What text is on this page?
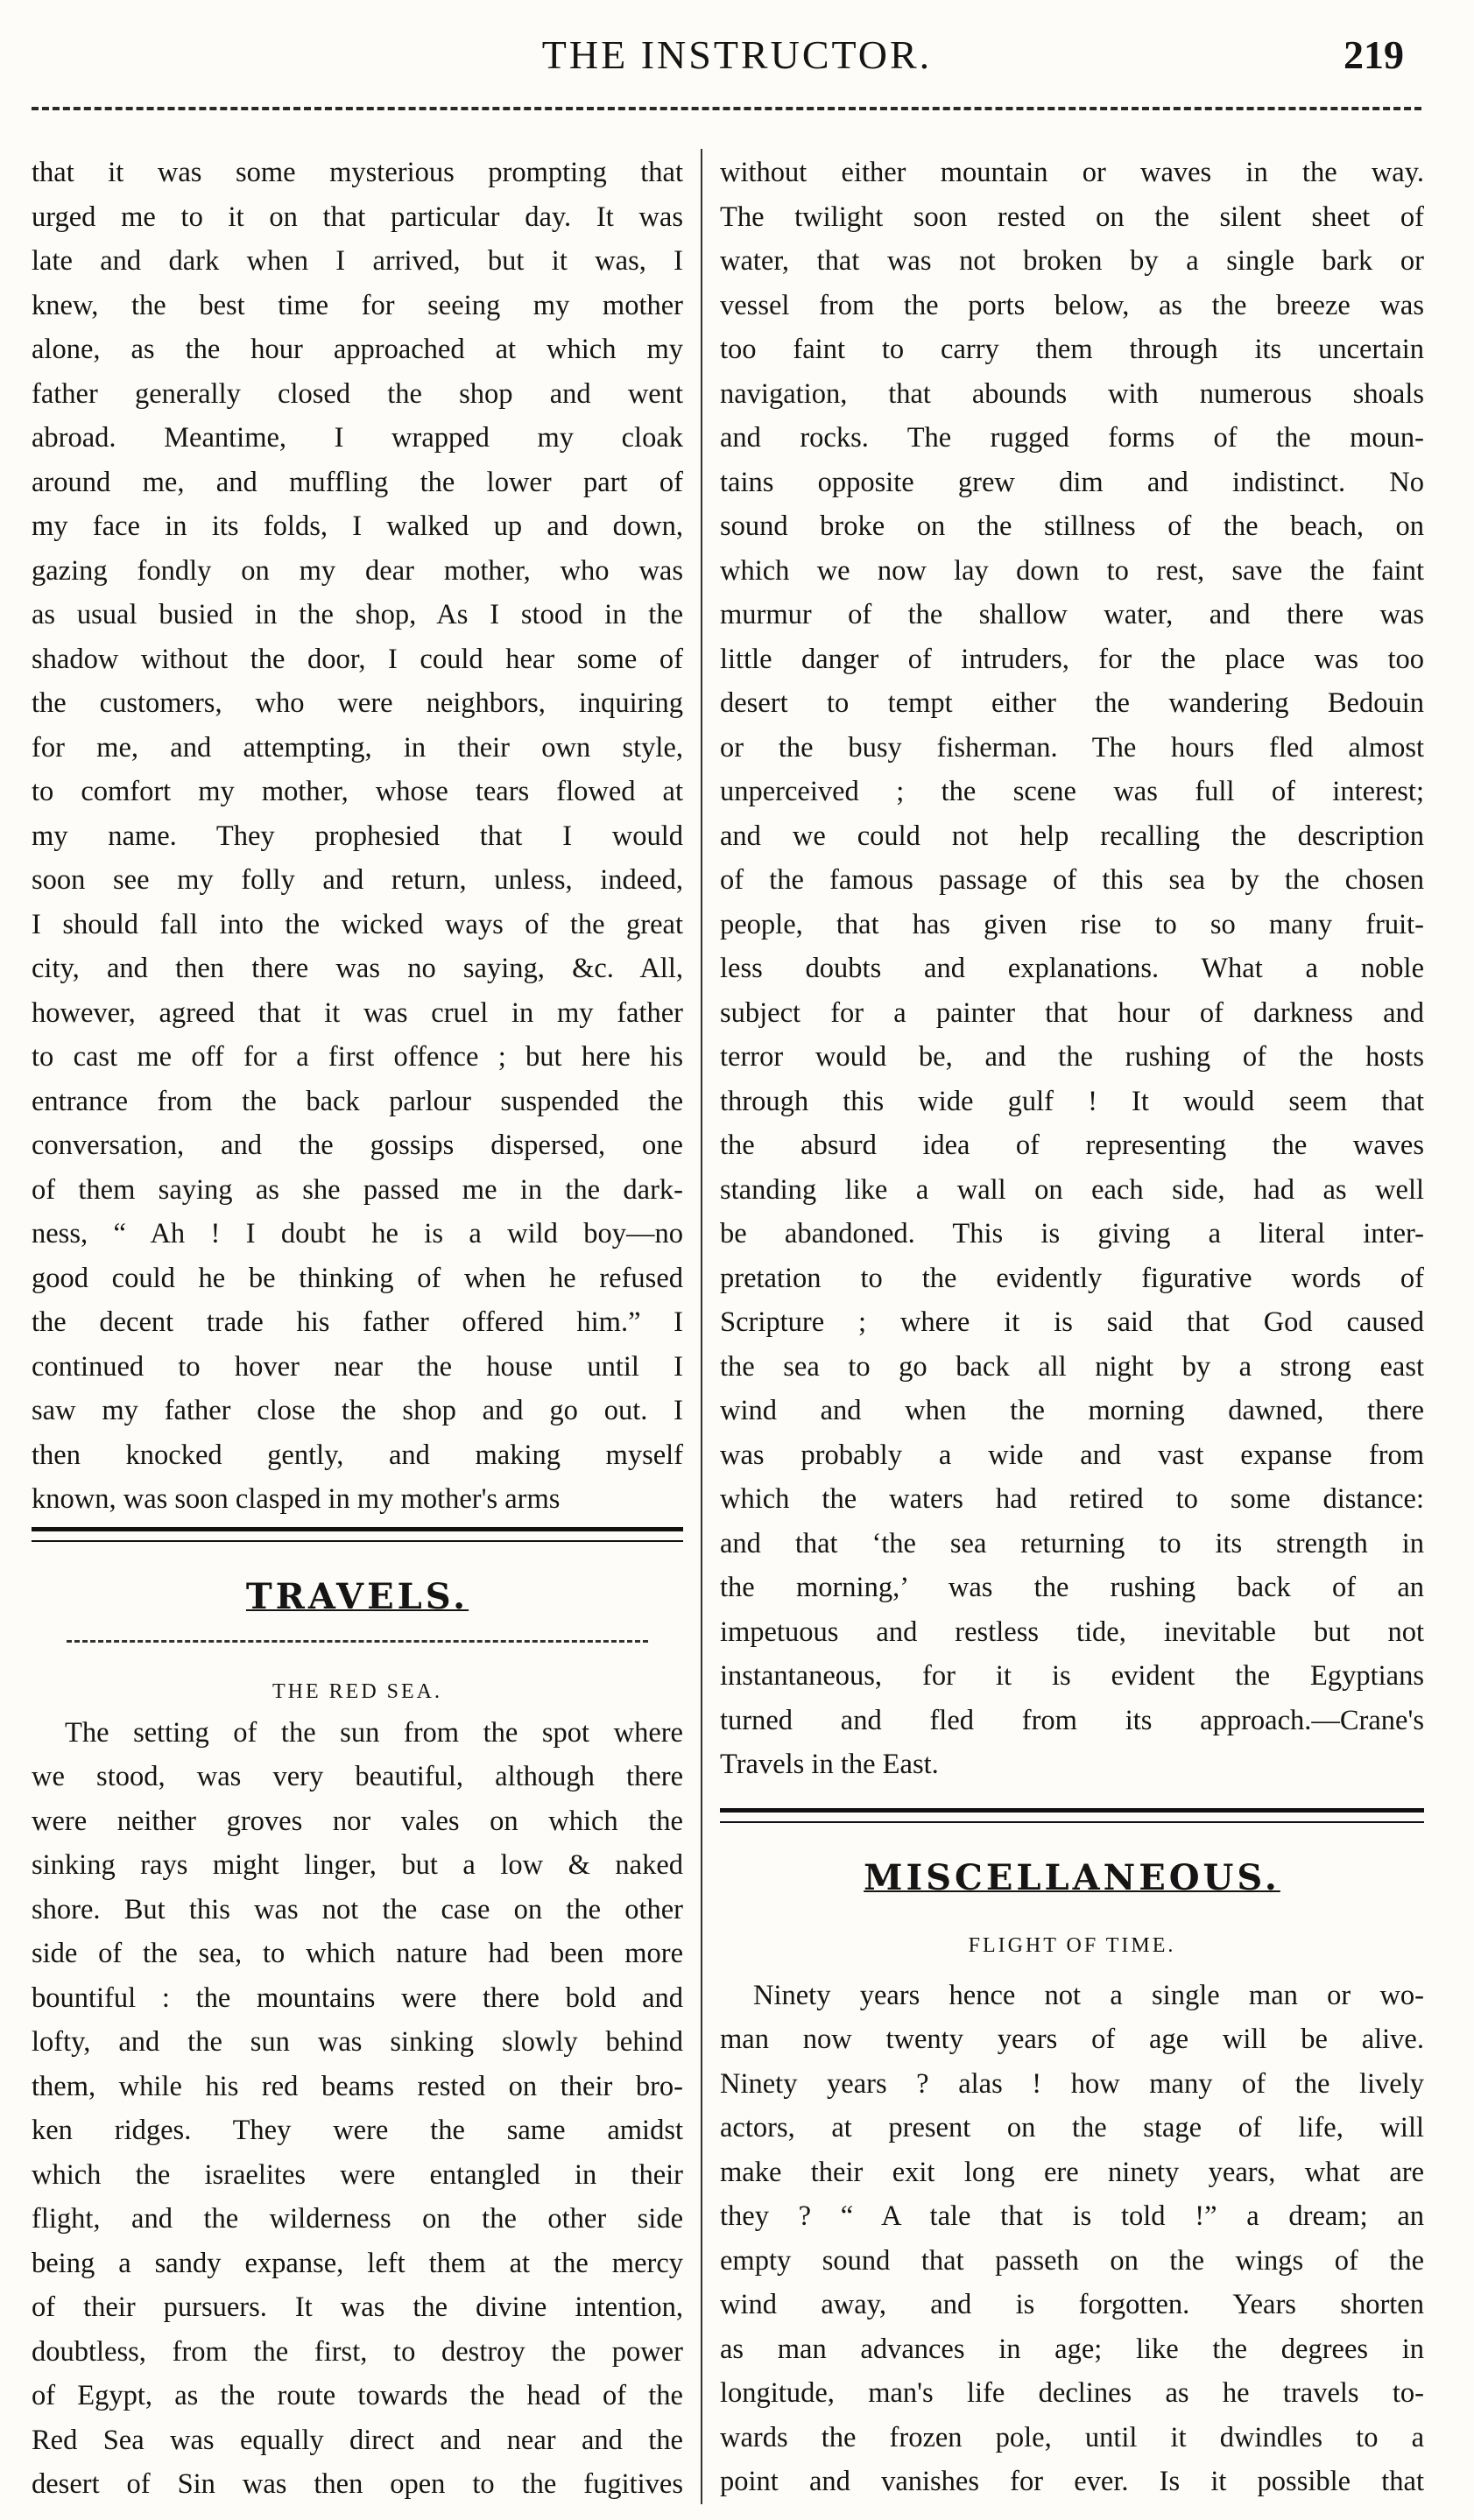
THE INSTRUCTOR.	219
that it was some mysterious prompting that
urged me to it on that particular day. It was
late and dark when I arrived, but it was, I
knew, the best time for seeing my mother
alone, as the hour approached at which my
father generally closed the shop and went
abroad. Meantime, I wrapped my cloak
around me, and muffling the lower part of
my face in its folds, I walked up and down,
gazing fondly on my dear mother, who was
as usual busied in the shop, As I stood in the
shadow without the door, I could hear some of
the customers, who were neighbors, inquiring
for me, and attempting, in their own style,
to comfort my mother, whose tears flowed at
my name. They prophesied that I would
soon see my folly and return, unless, indeed,
I should fall into the wicked ways of the great
city, and then there was no saying, &c. All,
however, agreed that it was cruel in my father
to cast me off for a first offence ; but here his
entrance from the back parlour suspended the
conversation, and the gossips dispersed, one
of them saying as she passed me in the dark-
ness, “ Ah ! I doubt he is a wild boy—no
good could he be thinking of when he refused
the decent trade his father offered him.” I
continued to hover near the house until I
saw my father close the shop and go out. I
then knocked gently, and making myself
known, was soon clasped in my mother's arms
TRAVELS.
THE RED SEA.
The setting of the sun from the spot where
we stood, was very beautiful, although there
were neither groves nor vales on which the
sinking rays might linger, but a low & naked
shore. But this was not the case on the other
side of the sea, to which nature had been more
bountiful : the mountains were there bold and
lofty, and the sun was sinking slowly behind
them, while his red beams rested on their bro-
ken ridges. They were the same amidst
which the israelites were entangled in their
flight, and the wilderness on the other side
being a sandy expanse, left them at the mercy
of their pursuers. It was the divine intention,
doubtless, from the first, to destroy the power
of Egypt, as the route towards the head of the
Red Sea was equally direct and near and the
desert of Sin was then open to the fugitives
without either mountain or waves in the way.
The twilight soon rested on the silent sheet of
water, that was not broken by a single bark or
vessel from the ports below, as the breeze was
too faint to carry them through its uncertain
navigation, that abounds with numerous shoals
and rocks. The rugged forms of the moun-
tains opposite grew dim and indistinct. No
sound broke on the stillness of the beach, on
which we now lay down to rest, save the faint
murmur of the shallow water, and there was
little danger of intruders, for the place was too
desert to tempt either the wandering Bedouin
or the busy fisherman. The hours fled almost
unperceived ; the scene was full of interest;
and we could not help recalling the description
of the famous passage of this sea by the chosen
people, that has given rise to so many fruit-
less doubts and explanations. What a noble
subject for a painter that hour of darkness and
terror would be, and the rushing of the hosts
through this wide gulf ! It would seem that
the absurd idea of representing the waves
standing like a wall on each side, had as well
be abandoned. This is giving a literal inter-
pretation to the evidently figurative words of
Scripture ; where it is said that God caused
the sea to go back all night by a strong east
wind and when the morning dawned, there
was probably a wide and vast expanse from
which the waters had retired to some distance:
and that ‘the sea returning to its strength in
the morning,’ was the rushing back of an
impetuous and restless tide, inevitable but not
instantaneous, for it is evident the Egyptians
turned and fled from its approach.—Crane's
Travels in the East.
MISCELLANEOUS.
FLIGHT OF TIME.
Ninety years hence not a single man or wo-
man now twenty years of age will be alive.
Ninety years ? alas ! how many of the lively
actors, at present on the stage of life, will
make their exit long ere ninety years, what are
they ? “ A tale that is told !” a dream; an
empty sound that passeth on the wings of the
wind away, and is forgotten. Years shorten
as man advances in age; like the degrees in
longitude, man's life declines as he travels to-
wards the frozen pole, until it dwindles to a
point and vanishes for ever. Is it possible that
